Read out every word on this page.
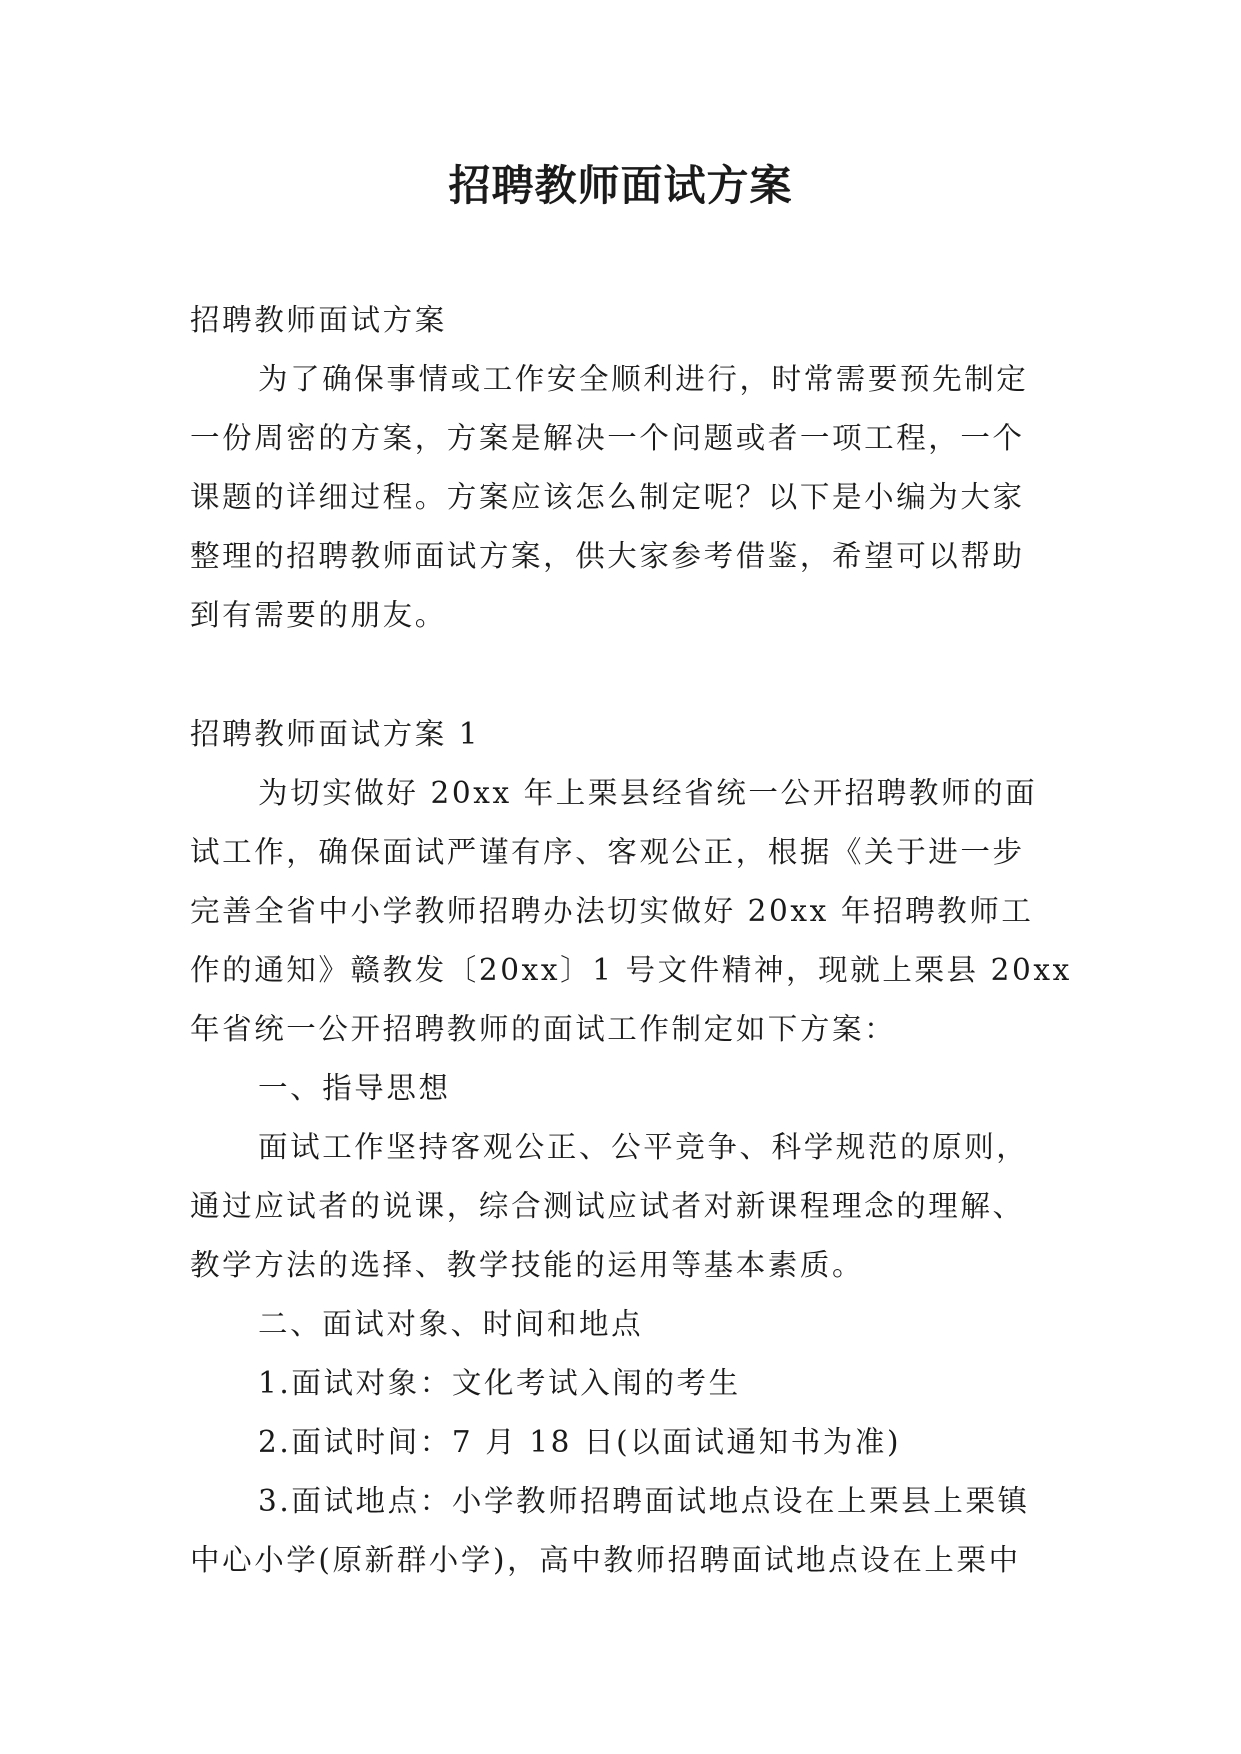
招聘教师面试方案

招聘教师面试方案

为了确保事情或工作安全顺利进行，时常需要预先制定

一份周密的方案，方案是解决一个问题或者一项工程，一个

课题的详细过程。方案应该怎么制定呢？以下是小编为大家

整理的招聘教师面试方案，供大家参考借鉴，希望可以帮助

到有需要的朋友。

招聘教师面试方案 1

为切实做好 20xx 年上栗县经省统一公开招聘教师的面

试工作，确保面试严谨有序、客观公正，根据《关于进一步

完善全省中小学教师招聘办法切实做好 20xx 年招聘教师工

作的通知》赣教发〔20xx〕1 号文件精神，现就上栗县 20xx

年省统一公开招聘教师的面试工作制定如下方案：

一、指导思想

面试工作坚持客观公正、公平竞争、科学规范的原则，

通过应试者的说课，综合测试应试者对新课程理念的理解、

教学方法的选择、教学技能的运用等基本素质。

二、面试对象、时间和地点

1.面试对象：文化考试入闱的考生

2.面试时间：7 月 18 日(以面试通知书为准)

3.面试地点：小学教师招聘面试地点设在上栗县上栗镇

中心小学(原新群小学)，高中教师招聘面试地点设在上栗中
